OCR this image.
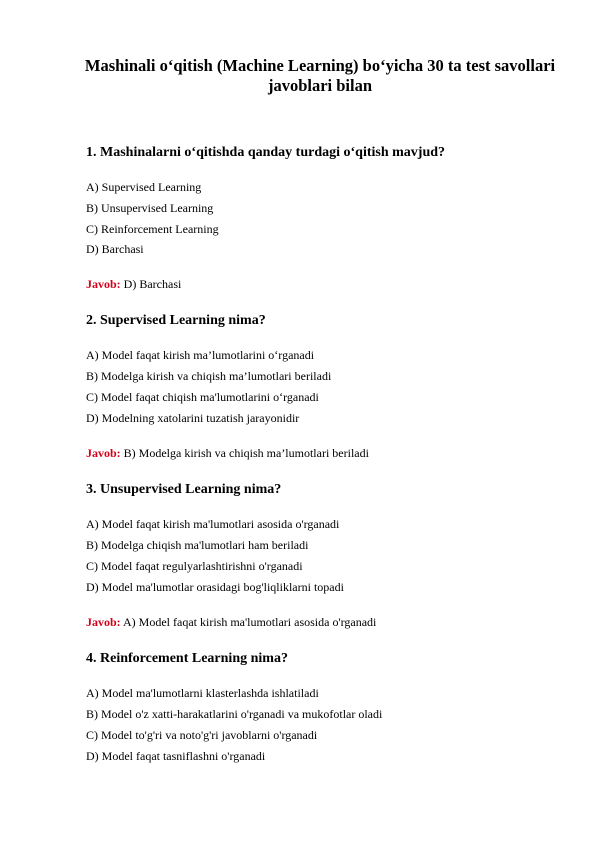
Mashinali o‘qitish (Machine Learning) bo‘yicha 30 ta test savollari
javoblari bilan
1. Mashinalarni o‘qitishda qanday turdagi o‘qitish mavjud?
A) Supervised Learning
B) Unsupervised Learning
C) Reinforcement Learning
D) Barchasi
Javob: D) Barchasi
2. Supervised Learning nima?
A) Model faqat kirish ma’lumotlarini o‘rganadi
B) Modelga kirish va chiqish ma’lumotlari beriladi
C) Model faqat chiqish ma'lumotlarini o‘rganadi
D) Modelning xatolarini tuzatish jarayonidir
Javob: B) Modelga kirish va chiqish ma’lumotlari beriladi
3. Unsupervised Learning nima?
A) Model faqat kirish ma'lumotlari asosida o'rganadi
B) Modelga chiqish ma'lumotlari ham beriladi
C) Model faqat regulyarlashtirishni o'rganadi
D) Model ma'lumotlar orasidagi bog'liqliklarni topadi
Javob: A) Model faqat kirish ma'lumotlari asosida o'rganadi
4. Reinforcement Learning nima?
A) Model ma'lumotlarni klasterlashda ishlatiladi
B) Model o'z xatti-harakatlarini o'rganadi va mukofotlar oladi
C) Model to'g'ri va noto'g'ri javoblarni o'rganadi
D) Model faqat tasniflashni o'rganadi
